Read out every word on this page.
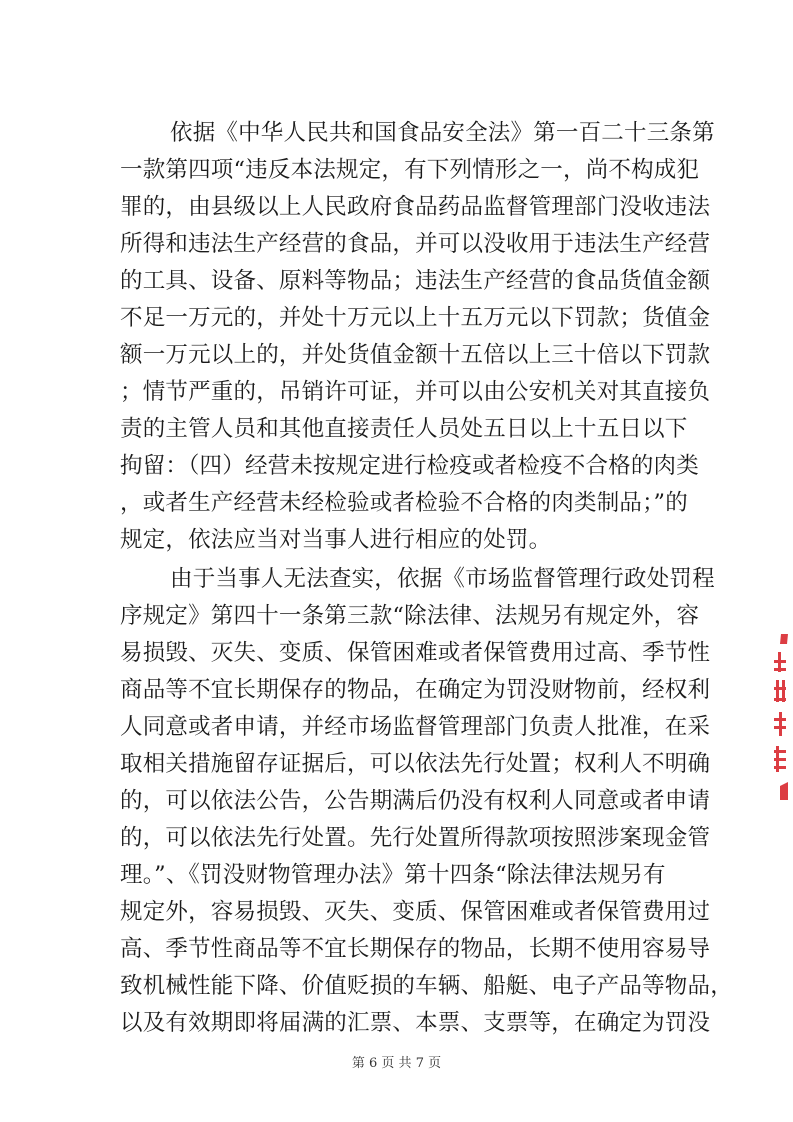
依据《中华人民共和国食品安全法》第一百二十三条第
一款第四项“违反本法规定，有下列情形之一，尚不构成犯
罪的，由县级以上人民政府食品药品监督管理部门没收违法
所得和违法生产经营的食品，并可以没收用于违法生产经营
的工具、设备、原料等物品；违法生产经营的食品货值金额
不足一万元的，并处十万元以上十五万元以下罚款；货值金
额一万元以上的，并处货值金额十五倍以上三十倍以下罚款
；情节严重的，吊销许可证，并可以由公安机关对其直接负
责的主管人员和其他直接责任人员处五日以上十五日以下
拘留：（四）经营未按规定进行检疫或者检疫不合格的肉类
，或者生产经营未经检验或者检验不合格的肉类制品；”的
规定，依法应当对当事人进行相应的处罚。
由于当事人无法查实，依据《市场监督管理行政处罚程
序规定》第四十一条第三款“除法律、法规另有规定外，容
易损毁、灭失、变质、保管困难或者保管费用过高、季节性
商品等不宜长期保存的物品，在确定为罚没财物前，经权利
人同意或者申请，并经市场监督管理部门负责人批准，在采
取相关措施留存证据后，可以依法先行处置；权利人不明确
的，可以依法公告，公告期满后仍没有权利人同意或者申请
的，可以依法先行处置。先行处置所得款项按照涉案现金管
理。”、《罚没财物管理办法》第十四条“除法律法规另有
规定外，容易损毁、灭失、变质、保管困难或者保管费用过
高、季节性商品等不宜长期保存的物品，长期不使用容易导
致机械性能下降、价值贬损的车辆、船艇、电子产品等物品，
以及有效期即将届满的汇票、本票、支票等，在确定为罚没
第 6 页 共 7 页
